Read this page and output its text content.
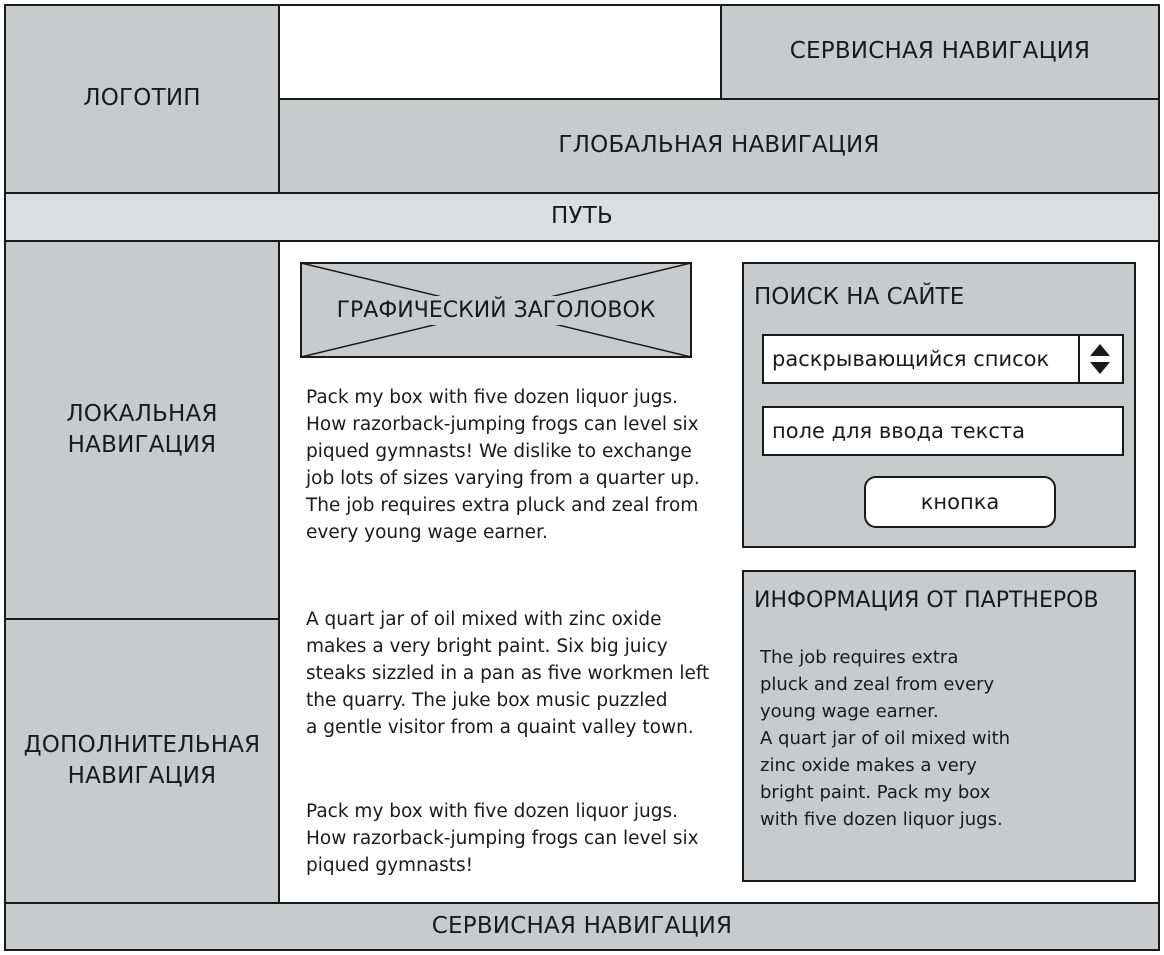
ЛОГОТИП
СЕРВИСНАЯ НАВИГАЦИЯ
ГЛОБАЛЬНАЯ НАВИГАЦИЯ
ПУТЬ
ЛОКАЛЬНАЯ
НАВИГАЦИЯ
ДОПОЛНИТЕЛЬНАЯ
НАВИГАЦИЯ
ГРАФИЧЕСКИЙ ЗАГОЛОВОК
Pack my box with five dozen liquor jugs.
How razorback-jumping frogs can level six
piqued gymnasts! We dislike to exchange
job lots of sizes varying from a quarter up.
The job requires extra pluck and zeal from
every young wage earner.
A quart jar of oil mixed with zinc oxide
makes a very bright paint. Six big juicy
steaks sizzled in a pan as five workmen left
the quarry. The juke box music puzzled
a gentle visitor from a quaint valley town.
Pack my box with five dozen liquor jugs.
How razorback-jumping frogs can level six
piqued gymnasts!
ПОИСК НА САЙТЕ
раскрывающийся список
поле для ввода текста
кнопка
ИНФОРМАЦИЯ ОТ ПАРТНЕРОВ
The job requires extra
pluck and zeal from every
young wage earner.
A quart jar of oil mixed with
zinc oxide makes a very
bright paint. Pack my box
with five dozen liquor jugs.
СЕРВИСНАЯ НАВИГАЦИЯ
